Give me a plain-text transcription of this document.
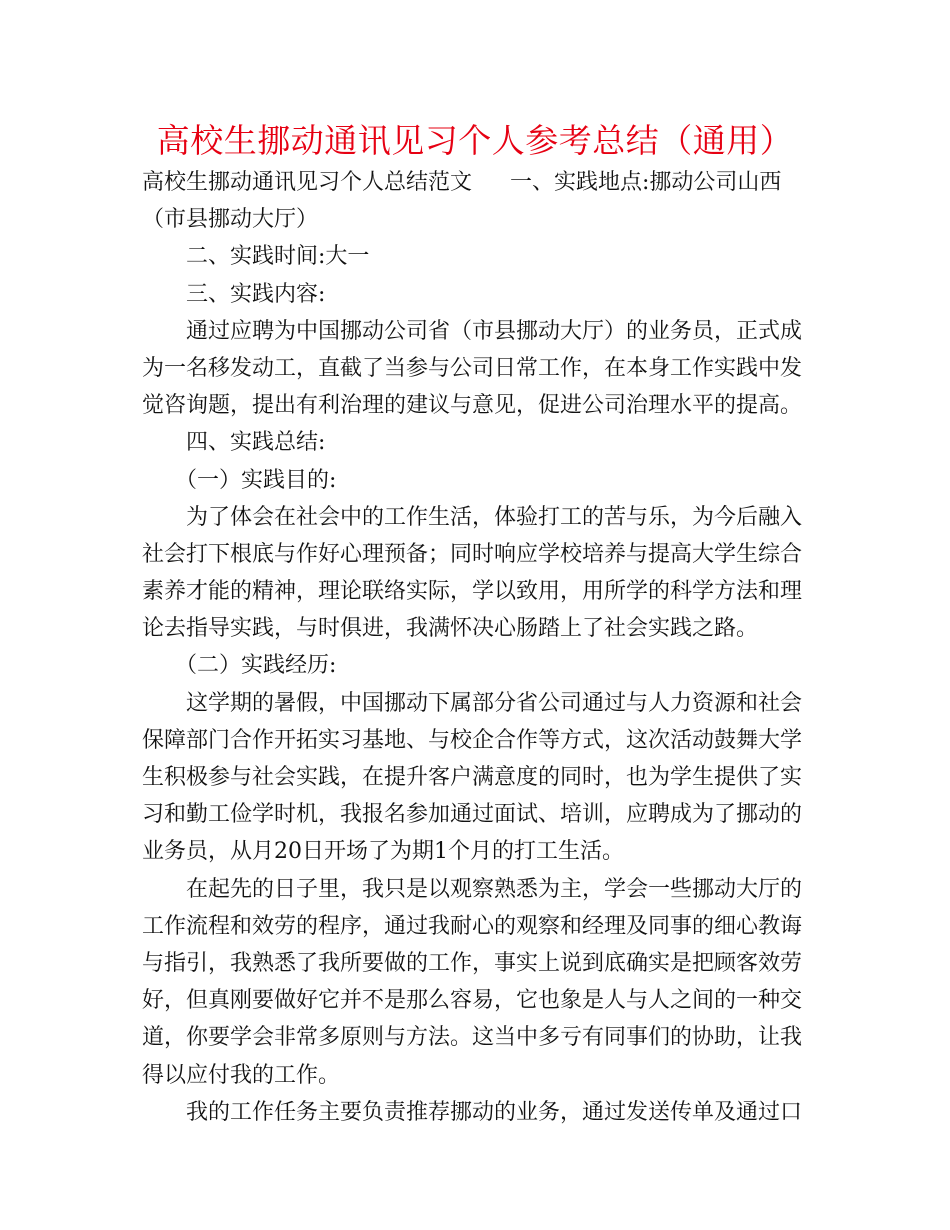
高校生挪动通讯见习个人参考总结（通用）
高校生挪动通讯见习个人总结范文 一、实践地点:挪动公司山西
（市县挪动大厅）
二、实践时间:大一
三、实践内容:
通过应聘为中国挪动公司省（市县挪动大厅）的业务员，正式成
为一名移发动工，直截了当参与公司日常工作，在本身工作实践中发
觉咨询题，提出有利治理的建议与意见，促进公司治理水平的提高。
四、实践总结:
（一）实践目的:
为了体会在社会中的工作生活，体验打工的苦与乐，为今后融入
社会打下根底与作好心理预备；同时响应学校培养与提高大学生综合
素养才能的精神，理论联络实际，学以致用，用所学的科学方法和理
论去指导实践，与时俱进，我满怀决心肠踏上了社会实践之路。
（二）实践经历:
这学期的暑假，中国挪动下属部分省公司通过与人力资源和社会
保障部门合作开拓实习基地、与校企合作等方式，这次活动鼓舞大学
生积极参与社会实践，在提升客户满意度的同时，也为学生提供了实
习和勤工俭学时机，我报名参加通过面试、培训，应聘成为了挪动的
业务员，从月20日开场了为期1个月的打工生活。
在起先的日子里，我只是以观察熟悉为主，学会一些挪动大厅的
工作流程和效劳的程序，通过我耐心的观察和经理及同事的细心教诲
与指引，我熟悉了我所要做的工作，事实上说到底确实是把顾客效劳
好，但真刚要做好它并不是那么容易，它也象是人与人之间的一种交
道，你要学会非常多原则与方法。这当中多亏有同事们的协助，让我
得以应付我的工作。
我的工作任务主要负责推荐挪动的业务，通过发送传单及通过口
